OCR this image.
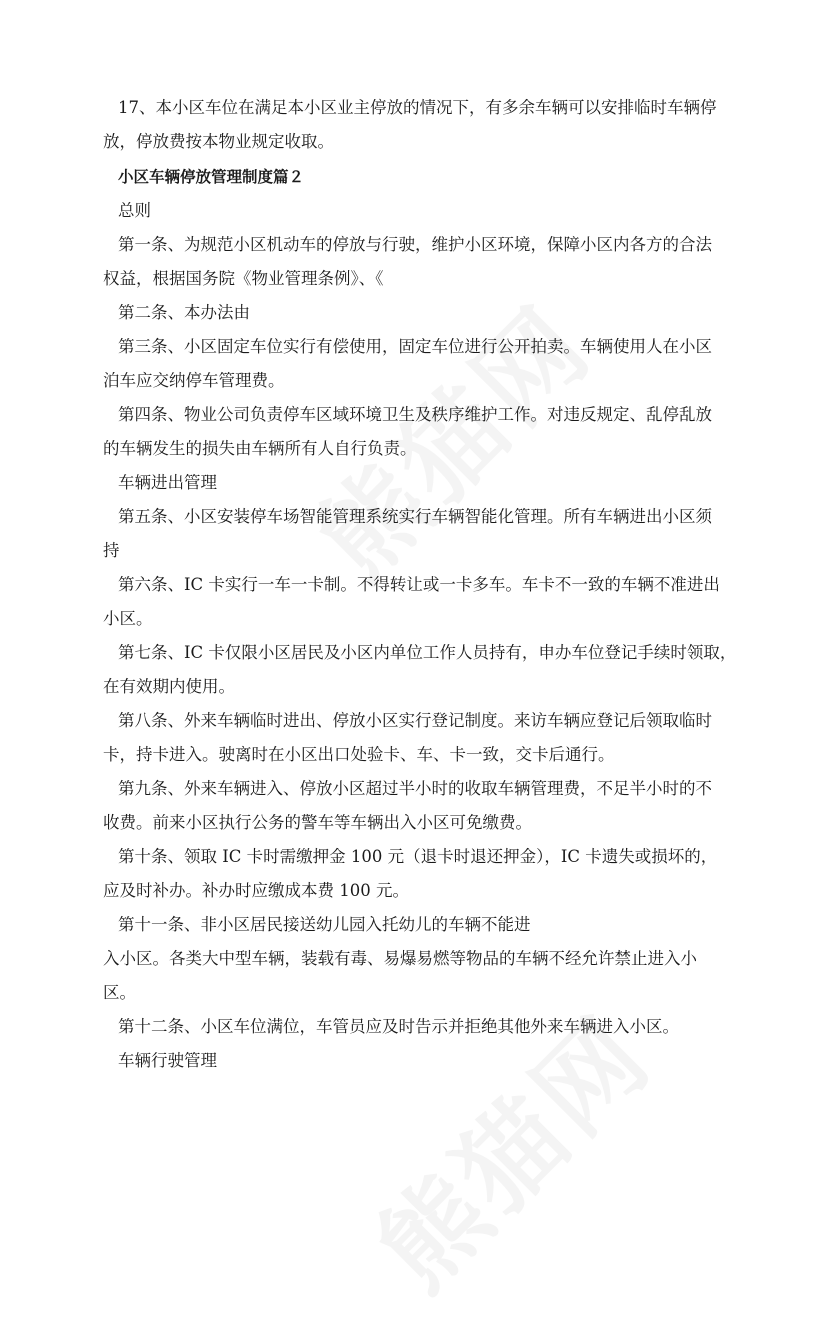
17、本小区车位在满足本小区业主停放的情况下，有多余车辆可以安排临时车辆停
放，停放费按本物业规定收取。
小区车辆停放管理制度篇２
总则
第一条、为规范小区机动车的停放与行驶，维护小区环境，保障小区内各方的合法
权益，根据国务院《物业管理条例》、《
第二条、本办法由
第三条、小区固定车位实行有偿使用，固定车位进行公开拍卖。车辆使用人在小区
泊车应交纳停车管理费。
第四条、物业公司负责停车区域环境卫生及秩序维护工作。对违反规定、乱停乱放
的车辆发生的损失由车辆所有人自行负责。
车辆进出管理
第五条、小区安装停车场智能管理系统实行车辆智能化管理。所有车辆进出小区须
持
第六条、IC 卡实行一车一卡制。不得转让或一卡多车。车卡不一致的车辆不准进出
小区。
第七条、IC 卡仅限小区居民及小区内单位工作人员持有，申办车位登记手续时领取，
在有效期内使用。
第八条、外来车辆临时进出、停放小区实行登记制度。来访车辆应登记后领取临时
卡，持卡进入。驶离时在小区出口处验卡、车、卡一致，交卡后通行。
第九条、外来车辆进入、停放小区超过半小时的收取车辆管理费，不足半小时的不
收费。前来小区执行公务的警车等车辆出入小区可免缴费。
第十条、领取 IC 卡时需缴押金 100 元（退卡时退还押金），IC 卡遗失或损坏的，
应及时补办。补办时应缴成本费 100 元。
第十一条、非小区居民接送幼儿园入托幼儿的车辆不能进
入小区。各类大中型车辆，装载有毒、易爆易燃等物品的车辆不经允许禁止进入小
区。
第十二条、小区车位满位，车管员应及时告示并拒绝其他外来车辆进入小区。
车辆行驶管理
